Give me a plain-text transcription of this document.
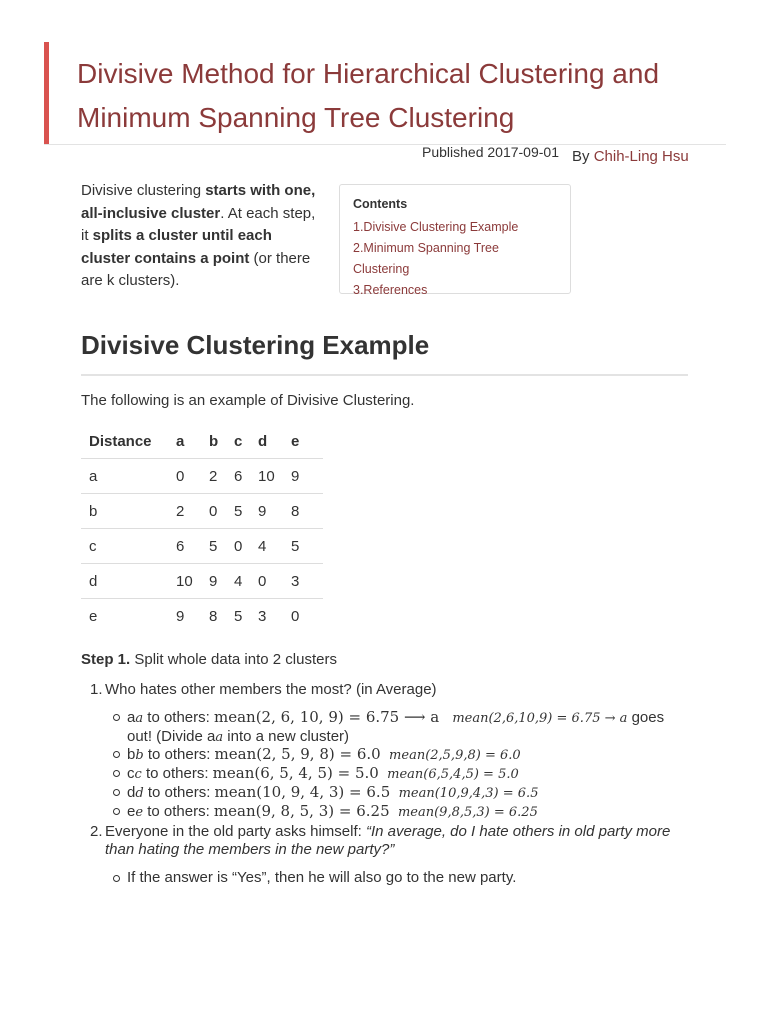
Divisive Method for Hierarchical Clustering and Minimum Spanning Tree Clustering
Published 2017-09-01 By Chih-Ling Hsu
Divisive clustering starts with one, all-inclusive cluster. At each step, it splits a cluster until each cluster contains a point (or there are k clusters).
Contents
1.Divisive Clustering Example
2.Minimum Spanning Tree Clustering
3.References
Divisive Clustering Example
The following is an example of Divisive Clustering.
Distance	a	b	c	d	e
a	0	2	6	10	9
b	2	0	5	9	8
c	6	5	0	4	5
d	10	9	4	0	3
e	9	8	5	3	0
Step 1. Split whole data into 2 clusters
1. Who hates other members the most? (in Average)
aa to others: mean(2, 6, 10, 9) = 6.75 ⟶ a   mean(2,6,10,9) = 6.75 → a goes
out! (Divide aa into a new cluster)
bb to others: mean(2, 5, 9, 8) = 6.0 mean(2,5,9,8) = 6.0
cc to others: mean(6, 5, 4, 5) = 5.0 mean(6,5,4,5) = 5.0
dd to others: mean(10, 9, 4, 3) = 6.5 mean(10,9,4,3) = 6.5
ee to others: mean(9, 8, 5, 3) = 6.25 mean(9,8,5,3) = 6.25
2. Everyone in the old party asks himself: “In average, do I hate others in old party more
than hating the members in the new party?”
If the answer is “Yes”, then he will also go to the new party.
